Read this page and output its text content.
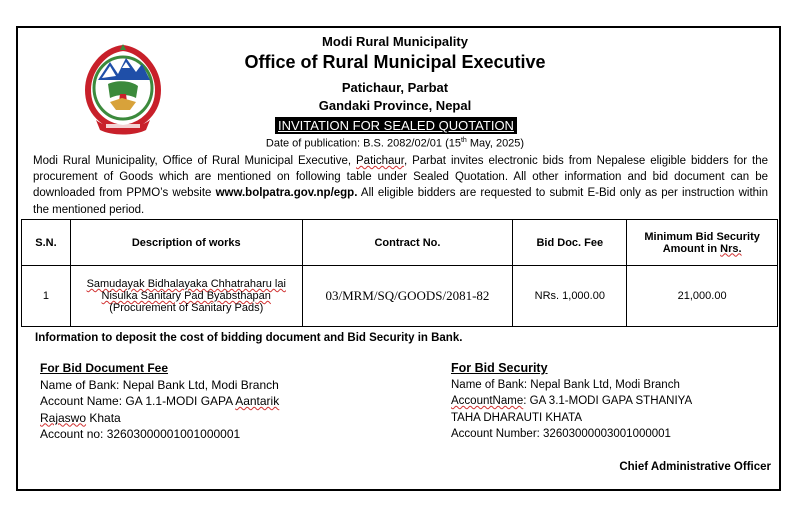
Modi Rural Municipality
Office of Rural Municipal Executive
Patichaur, Parbat
Gandaki Province, Nepal
INVITATION FOR SEALED QUOTATION
Date of publication: B.S. 2082/02/01 (15th May, 2025)
Modi Rural Municipality, Office of Rural Municipal Executive, Patichaur, Parbat invites electronic bids from Nepalese eligible bidders for the procurement of Goods which are mentioned on following table under Sealed Quotation. All other information and bid document can be downloaded from PPMO’s website www.bolpatra.gov.np/egp. All eligible bidders are requested to submit E-Bid only as per instruction within the mentioned period.
S.N.	Description of works	Contract No.	Bid Doc. Fee	Minimum Bid Security
Amount in Nrs.
1	Samudayak Bidhalayaka Chhatraharu lai
Nisulka Sanitary Pad Byabsthapan
(Procurement of Sanitary Pads)	03/MRM/SQ/GOODS/2081-82	NRs. 1,000.00	21,000.00
Information to deposit the cost of bidding document and Bid Security in Bank.
For Bid Document Fee
Name of Bank: Nepal Bank Ltd, Modi Branch
Account Name: GA 1.1-MODI GAPA Aantarik
Rajaswo Khata
Account no: 32603000001001000001
For Bid Security
Name of Bank: Nepal Bank Ltd, Modi Branch
AccountName: GA 3.1-MODI GAPA STHANIYA
TAHA DHARAUTI KHATA
Account Number: 32603000003001000001
Chief Administrative Officer
